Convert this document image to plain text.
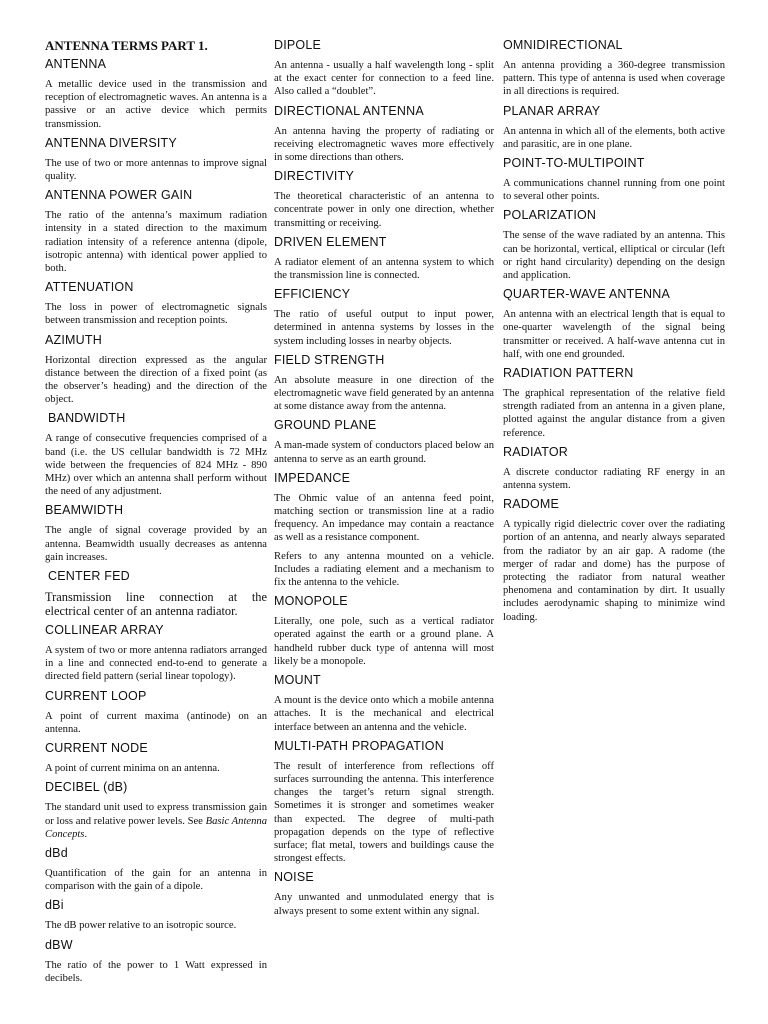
ANTENNA TERMS PART 1.
ANTENNA

A metallic device used in the transmission and reception of electromagnetic waves. An antenna is a passive or an active device which permits transmission.

ANTENNA DIVERSITY

The use of two or more antennas to improve signal quality.

ANTENNA POWER GAIN

The ratio of the antenna’s maximum radiation intensity in a stated direction to the maximum radiation intensity of a reference antenna (dipole, isotropic antenna) with identical power applied to both.

ATTENUATION

The loss in power of electromagnetic signals between transmission and reception points.

AZIMUTH

Horizontal direction expressed as the angular distance between the direction of a fixed point (as the observer’s heading) and the direction of the object.

BANDWIDTH

A range of consecutive frequencies comprised of a band (i.e. the US cellular bandwidth is 72 MHz wide between the frequencies of 824 MHz - 890 MHz) over which an antenna shall perform without the need of any adjustment.

BEAMWIDTH

The angle of signal coverage provided by an antenna. Beamwidth usually decreases as antenna gain increases.

CENTER FED

Transmission line connection at the electrical center of an antenna radiator.

COLLINEAR ARRAY

A system of two or more antenna radiators arranged in a line and connected end-to-end to generate a directed field pattern (serial linear topology).

CURRENT LOOP

A point of current maxima (antinode) on an antenna.

CURRENT NODE

A point of current minima on an antenna.

DECIBEL (dB)

The standard unit used to express transmission gain or loss and relative power levels. See Basic Antenna Concepts.

dBd

Quantification of the gain for an antenna in comparison with the gain of a dipole.

dBi

The dB power relative to an isotropic source.

dBW

The ratio of the power to 1 Watt expressed in decibels.

DIPOLE

An antenna - usually a half wavelength long - split at the exact center for connection to a feed line. Also called a “doublet”.

DIRECTIONAL ANTENNA

An antenna having the property of radiating or receiving electromagnetic waves more effectively in some directions than others.

DIRECTIVITY

The theoretical characteristic of an antenna to concentrate power in only one direction, whether transmitting or receiving.

DRIVEN ELEMENT

A radiator element of an antenna system to which the transmission line is connected.

EFFICIENCY

The ratio of useful output to input power, determined in antenna systems by losses in the system including losses in nearby objects.

FIELD STRENGTH

An absolute measure in one direction of the electromagnetic wave field generated by an antenna at some distance away from the antenna.

GROUND PLANE

A man-made system of conductors placed below an antenna to serve as an earth ground.

IMPEDANCE

The Ohmic value of an antenna feed point, matching section or transmission line at a radio frequency. An impedance may contain a reactance as well as a resistance component.

Refers to any antenna mounted on a vehicle. Includes a radiating element and a mechanism to fix the antenna to the vehicle.

MONOPOLE

Literally, one pole, such as a vertical radiator operated against the earth or a ground plane. A handheld rubber duck type of antenna will most likely be a monopole.

MOUNT

A mount is the device onto which a mobile antenna attaches. It is the mechanical and electrical interface between an antenna and the vehicle.

MULTI-PATH PROPAGATION

The result of interference from reflections off surfaces surrounding the antenna. This interference changes the target’s return signal strength. Sometimes it is stronger and sometimes weaker than expected. The degree of multi-path propagation depends on the type of reflective surface; flat metal, towers and buildings cause the strongest effects.

NOISE

Any unwanted and unmodulated energy that is always present to some extent within any signal.

OMNIDIRECTIONAL

An antenna providing a 360-degree transmission pattern. This type of antenna is used when coverage in all directions is required.

PLANAR ARRAY

An antenna in which all of the elements, both active and parasitic, are in one plane.

POINT-TO-MULTIPOINT

A communications channel running from one point to several other points.

POLARIZATION

The sense of the wave radiated by an antenna. This can be horizontal, vertical, elliptical or circular (left or right hand circularity) depending on the design and application.

QUARTER-WAVE ANTENNA

An antenna with an electrical length that is equal to one-quarter wavelength of the signal being transmitter or received. A half-wave antenna cut in half, with one end grounded.

RADIATION PATTERN

The graphical representation of the relative field strength radiated from an antenna in a given plane, plotted against the angular distance from a given reference.

RADIATOR

A discrete conductor radiating RF energy in an antenna system.

RADOME

A typically rigid dielectric cover over the radiating portion of an antenna, and nearly always separated from the radiator by an air gap. A radome (the merger of radar and dome) has the purpose of protecting the radiator from natural weather phenomena and contamination by dirt. It usually includes aerodynamic shaping to minimize wind loading.
